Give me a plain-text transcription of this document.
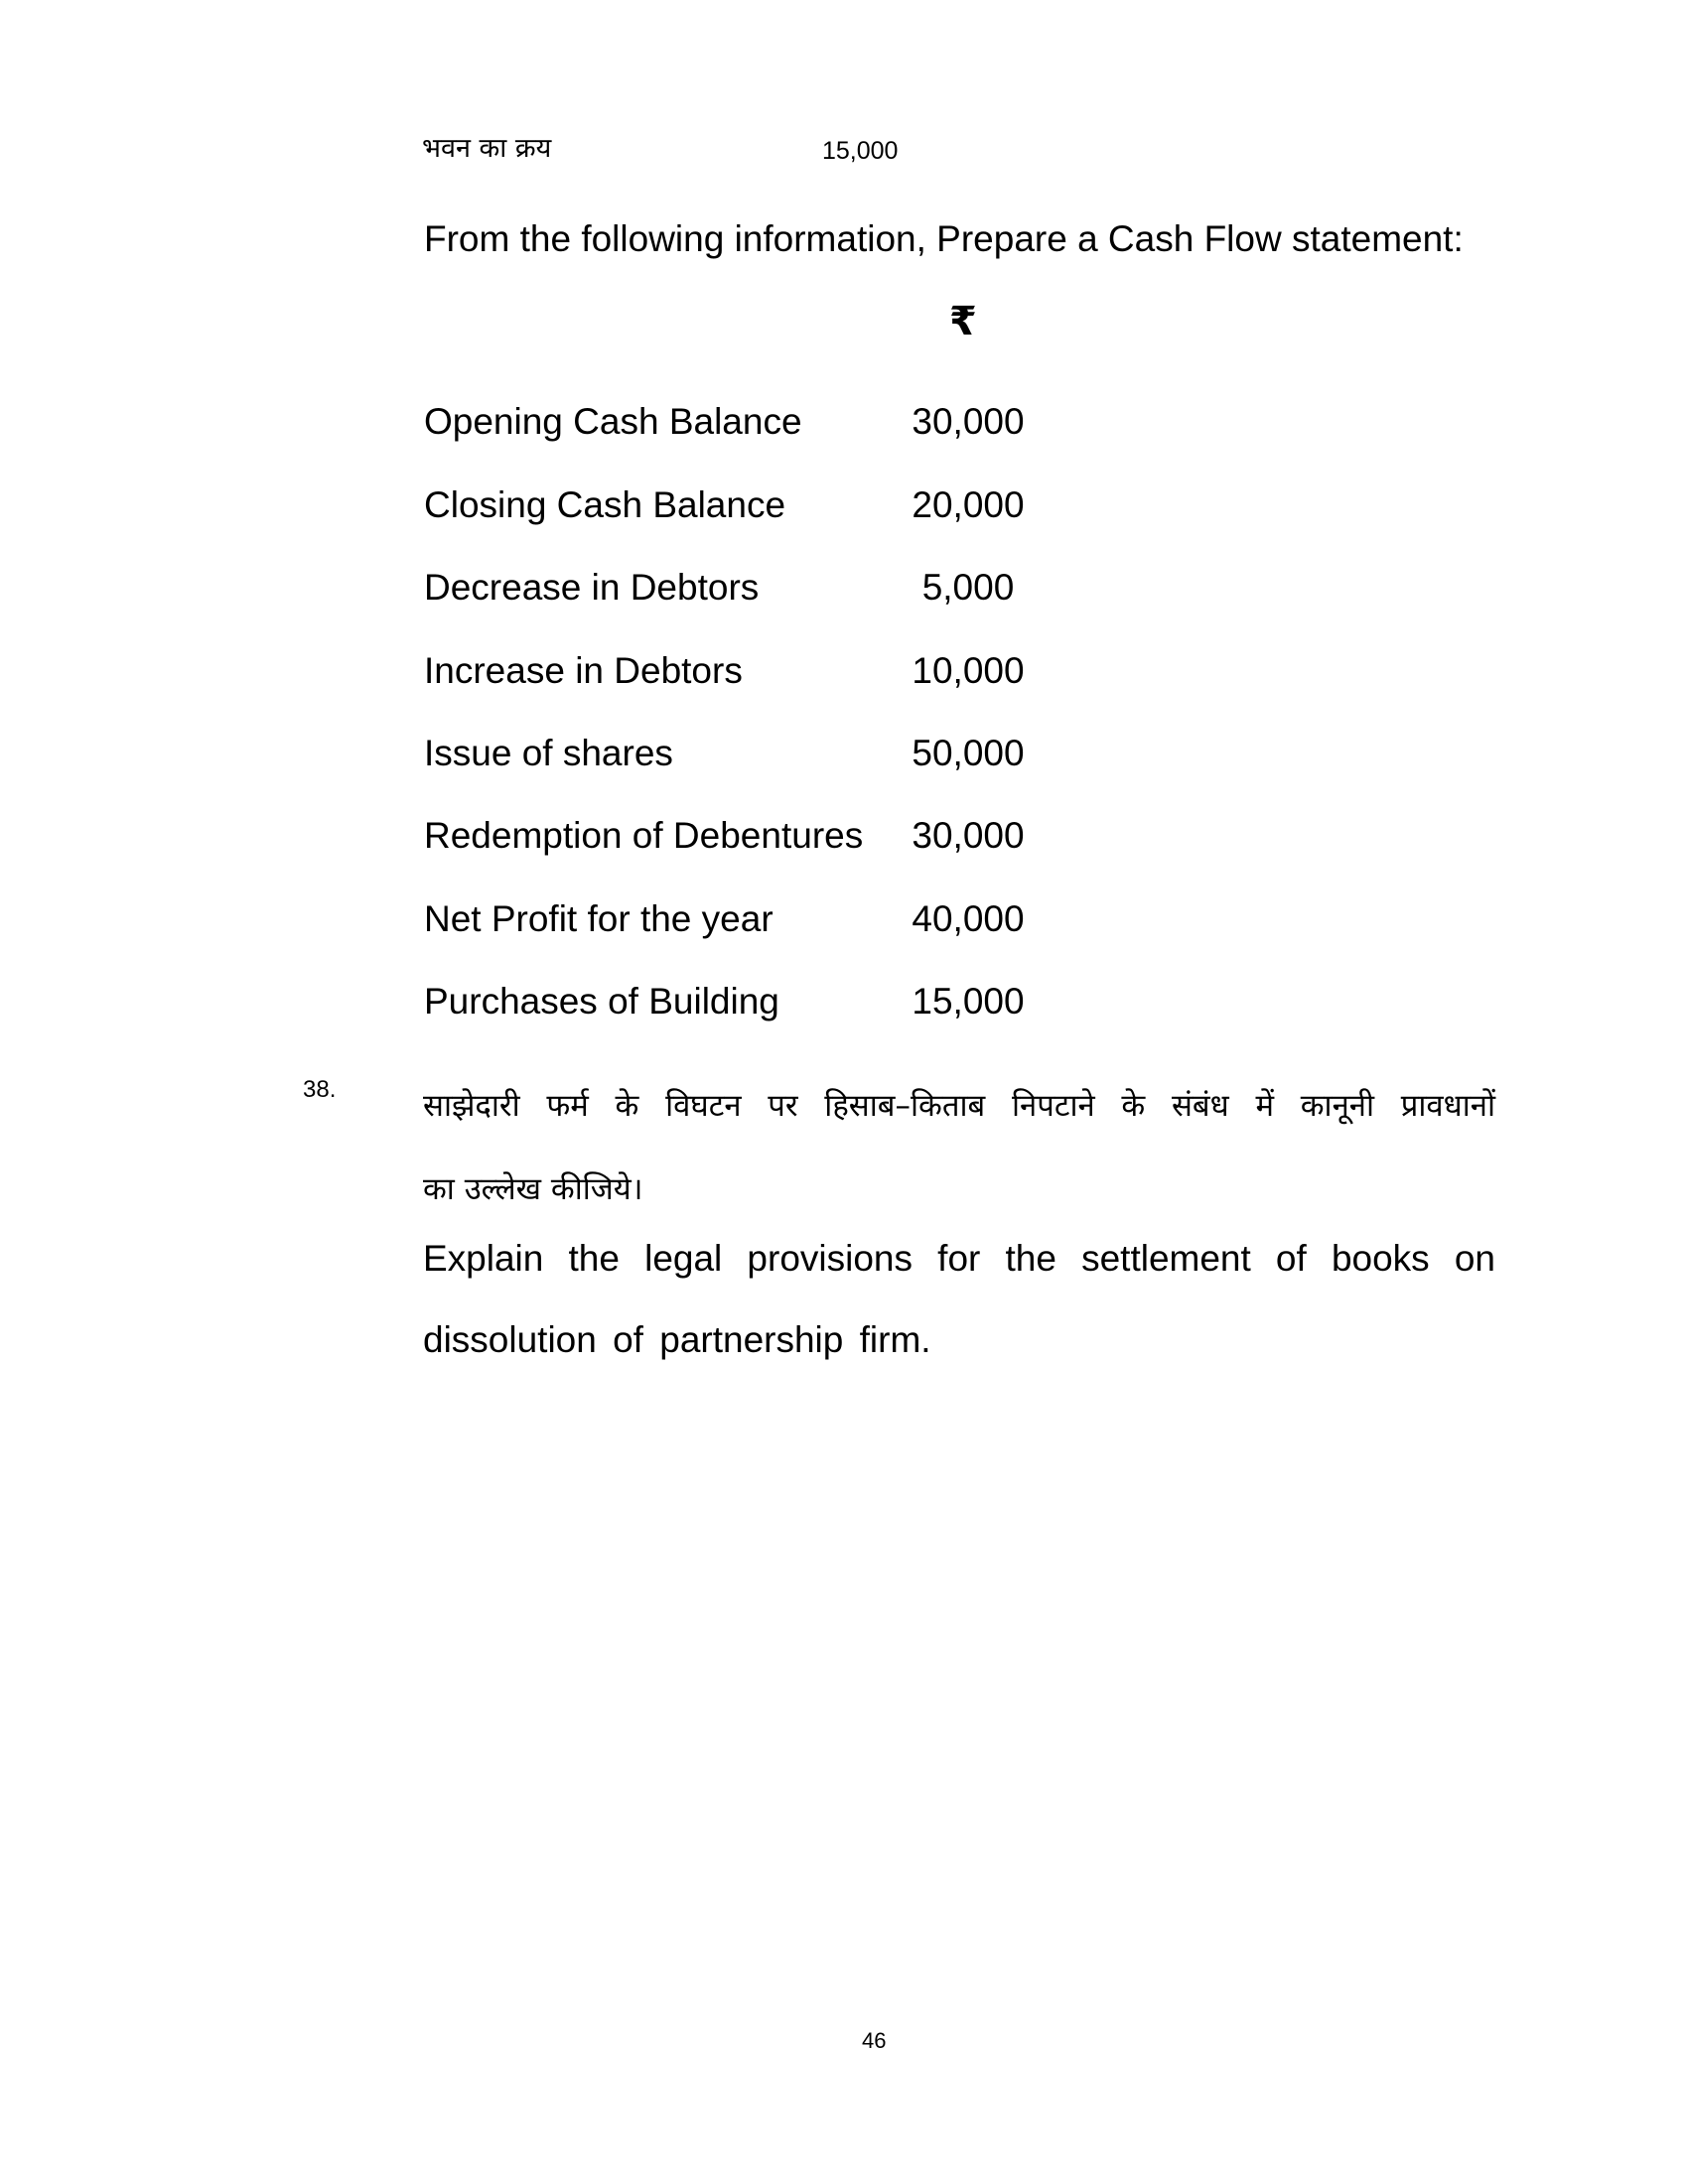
भवन का क्रय	15,000
From the following information, Prepare a Cash Flow statement:
₹
Opening Cash Balance	30,000
Closing Cash Balance	20,000
Decrease in Debtors	5,000
Increase in Debtors	10,000
Issue of shares	50,000
Redemption of Debentures 30,000
Net Profit for the year	40,000
Purchases of Building	15,000
38.	साझेदारी फर्म के विघटन पर हिसाब–किताब निपटाने के संबंध में कानूनी प्रावधानों
का उल्लेख कीजिये।
Explain the legal provisions for the settlement of books on
dissolution of partnership firm.
46
